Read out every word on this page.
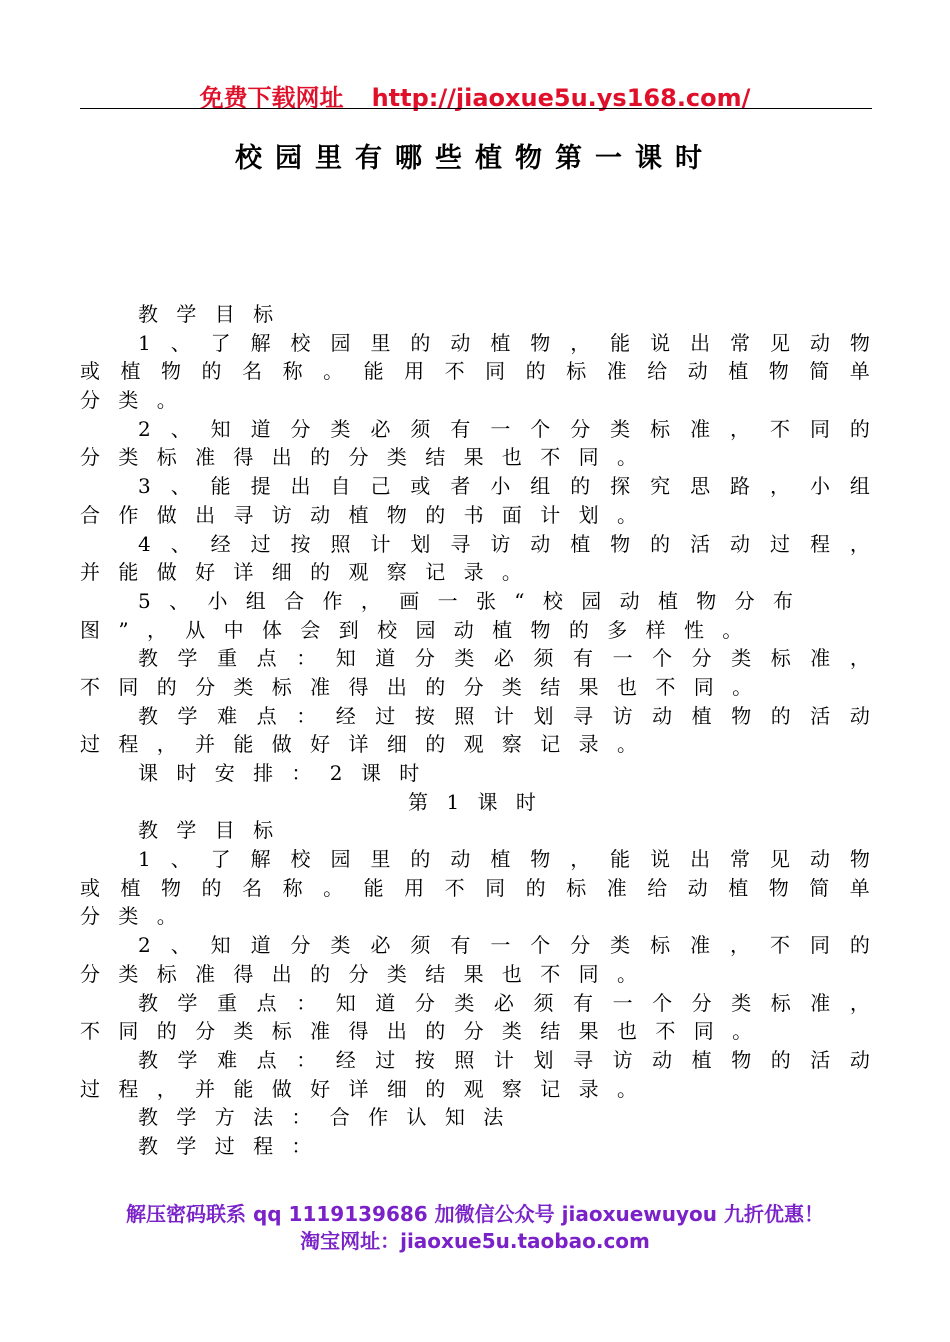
免费下载网址 http://jiaoxue5u.ys168.com/
校园里有哪些植物第一课时
教 学 目 标
1 、 了 解 校 园 里 的 动 植 物 ， 能 说 出 常 见 动 物
或 植 物 的 名 称 。 能 用 不 同 的 标 准 给 动 植 物 简 单
分 类 。
2 、 知 道 分 类 必 须 有 一 个 分 类 标 准 ， 不 同 的
分 类 标 准 得 出 的 分 类 结 果 也 不 同 。
3 、 能 提 出 自 己 或 者 小 组 的 探 究 思 路 ， 小 组
合 作 做 出 寻 访 动 植 物 的 书 面 计 划 。
4 、 经 过 按 照 计 划 寻 访 动 植 物 的 活 动 过 程 ，
并 能 做 好 详 细 的 观 察 记 录 。
5 、 小 组 合 作 ， 画 一 张 “ 校 园 动 植 物 分 布
图 ” ， 从 中 体 会 到 校 园 动 植 物 的 多 样 性 。
教 学 重 点 ： 知 道 分 类 必 须 有 一 个 分 类 标 准 ，
不 同 的 分 类 标 准 得 出 的 分 类 结 果 也 不 同 。
教 学 难 点 ： 经 过 按 照 计 划 寻 访 动 植 物 的 活 动
过 程 ， 并 能 做 好 详 细 的 观 察 记 录 。
课 时 安 排 ： 2 课 时
第 1 课 时
教 学 目 标
1 、 了 解 校 园 里 的 动 植 物 ， 能 说 出 常 见 动 物
或 植 物 的 名 称 。 能 用 不 同 的 标 准 给 动 植 物 简 单
分 类 。
2 、 知 道 分 类 必 须 有 一 个 分 类 标 准 ， 不 同 的
分 类 标 准 得 出 的 分 类 结 果 也 不 同 。
教 学 重 点 ： 知 道 分 类 必 须 有 一 个 分 类 标 准 ，
不 同 的 分 类 标 准 得 出 的 分 类 结 果 也 不 同 。
教 学 难 点 ： 经 过 按 照 计 划 寻 访 动 植 物 的 活 动
过 程 ， 并 能 做 好 详 细 的 观 察 记 录 。
教 学 方 法 ： 合 作 认 知 法
教 学 过 程 ：
解压密码联系 qq 1119139686 加微信公众号 jiaoxuewuyou 九折优惠！
淘宝网址：jiaoxue5u.taobao.com
